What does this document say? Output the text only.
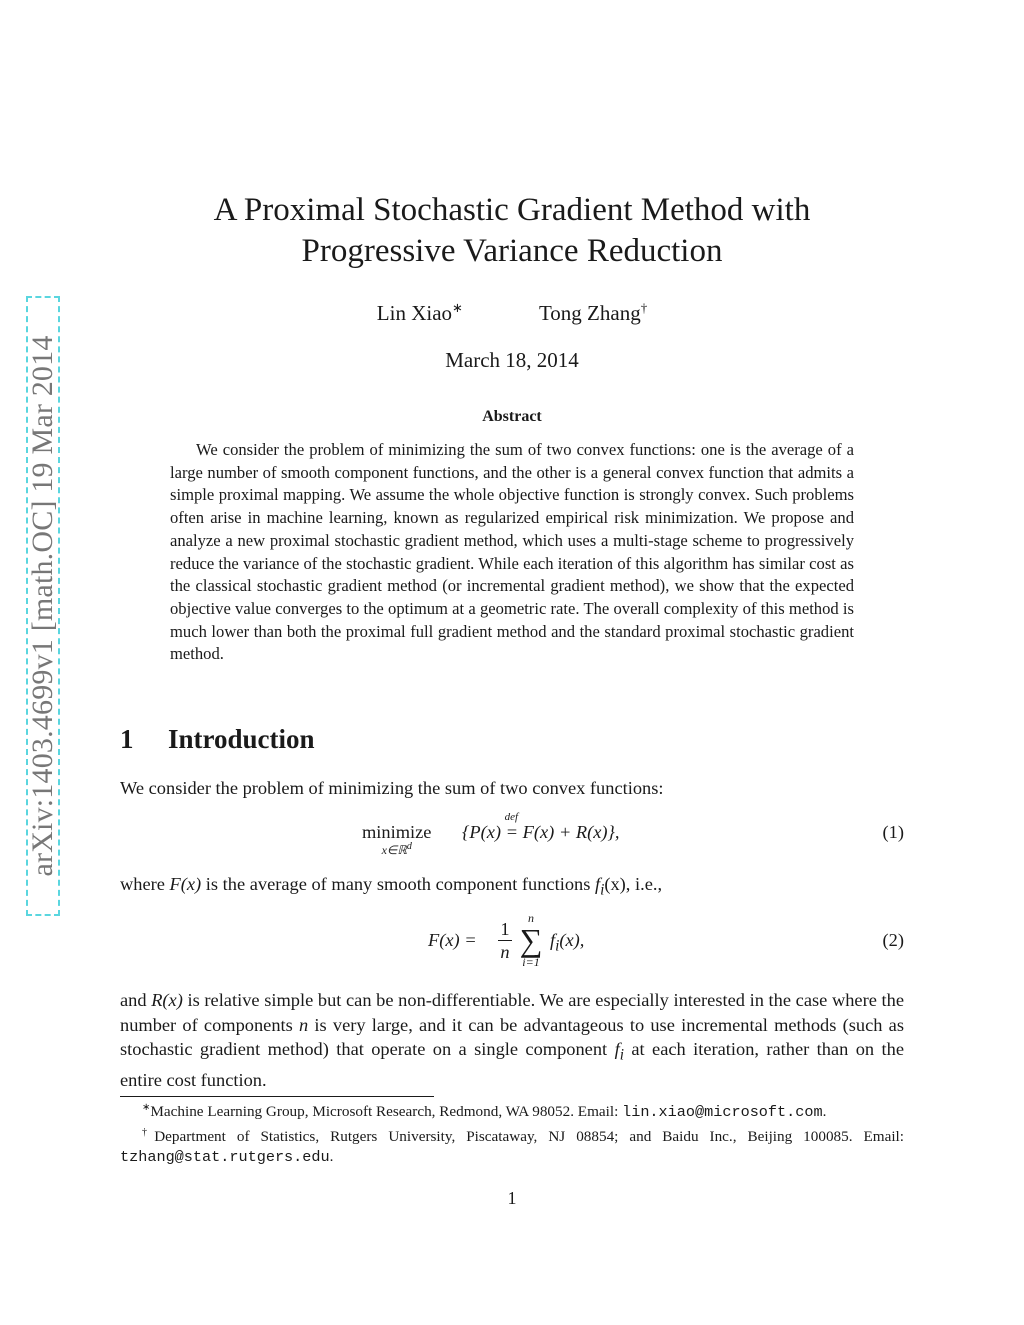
arXiv:1403.4699v1 [math.OC] 19 Mar 2014
A Proximal Stochastic Gradient Method with
Progressive Variance Reduction
Lin Xiao∗	Tong Zhang†
March 18, 2014
Abstract

We consider the problem of minimizing the sum of two convex functions: one is the average of a large number of smooth component functions, and the other is a general convex function that admits a simple proximal mapping. We assume the whole objective function is strongly convex. Such problems often arise in machine learning, known as regularized empirical risk minimization. We propose and analyze a new proximal stochastic gradient method, which uses a multi-stage scheme to progressively reduce the variance of the stochastic gradient. While each iteration of this algorithm has similar cost as the classical stochastic gradient method (or incremental gradient method), we show that the expected objective value converges to the optimum at a geometric rate. The overall complexity of this method is much lower than both the proximal full gradient method and the standard proximal stochastic gradient method.

1 Introduction

We consider the problem of minimizing the sum of two convex functions:

minimize
x∈ℝ$^d$
{P(x)
def
= F(x) + R(x)},	(1)

where F(x) is the average of many smooth component functions $f_i(x)$, i.e.,

$F(x) = \frac{1}{n}$	n
∑
i=1
$f_i(x)$,	(2)

and R(x) is relative simple but can be non-differentiable. We are especially interested in the case where the number of components n is very large, and it can be advantageous to use incremental methods (such as stochastic gradient method) that operate on a single component $f_i$ at each iteration, rather than on the entire cost function.

∗Machine Learning Group, Microsoft Research, Redmond, WA 98052. Email: lin.xiao@microsoft.com.

†Department of Statistics, Rutgers University, Piscataway, NJ 08854; and Baidu Inc., Beijing 100085. Email: tzhang@stat.rutgers.edu.

1
